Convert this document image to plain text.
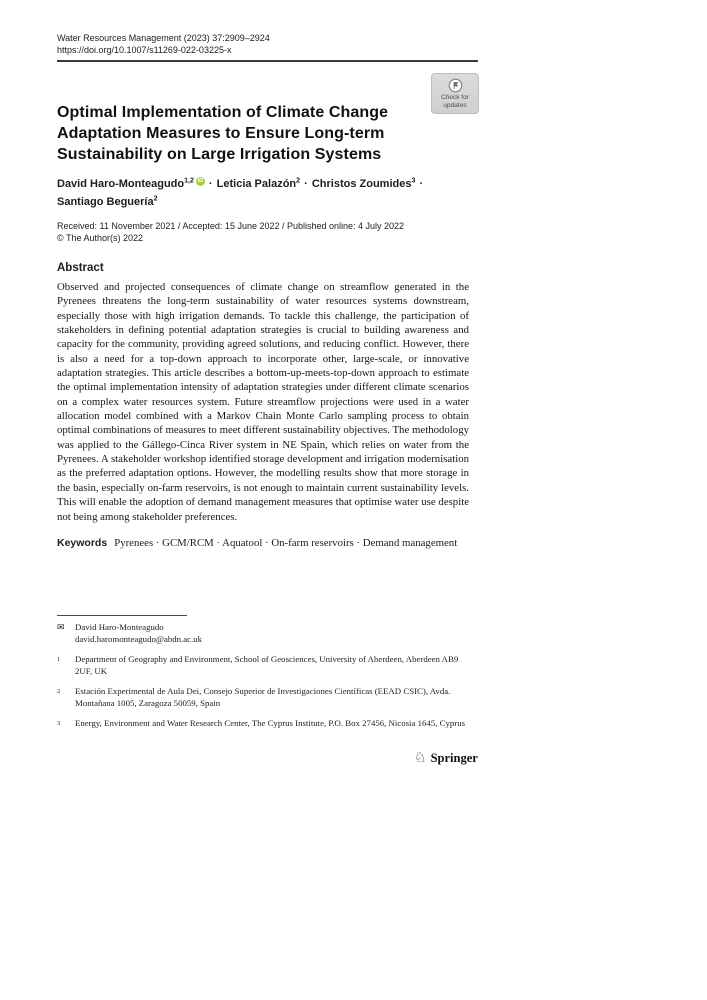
Water Resources Management (2023) 37:2909–2924
https://doi.org/10.1007/s11269-022-03225-x
Check for
updates
Optimal Implementation of Climate Change Adaptation Measures to Ensure Long-term Sustainability on Large Irrigation Systems

David Haro-Monteagudo$^{1,2}$ iD · Leticia Palazón$^2$ · Christos Zoumides$^3$ ·
Santiago Beguería$^2$

Received: 11 November 2021 / Accepted: 15 June 2022 / Published online: 4 July 2022
© The Author(s) 2022

Abstract

Observed and projected consequences of climate change on streamflow generated in the Pyrenees threatens the long-term sustainability of water resources systems downstream, especially those with high irrigation demands. To tackle this challenge, the participation of stakeholders in defining potential adaptation strategies is crucial to building awareness and capacity for the community, providing agreed solutions, and reducing conflict. However, there is also a need for a top-down approach to incorporate other, large-scale, or innovative adaptation strategies. This article describes a bottom-up-meets-top-down approach to estimate the optimal implementation intensity of adaptation strategies under different climate scenarios on a complex water resources system. Future streamflow projections were used in a water allocation model combined with a Markov Chain Monte Carlo sampling process to obtain optimal combinations of measures to meet different sustainability objectives. The methodology was applied to the Gállego-Cinca River system in NE Spain, which relies on water from the Pyrenees. A stakeholder workshop identified storage development and irrigation modernisation as the preferred adaptation options. However, the modelling results show that more storage in the basin, especially on-farm reservoirs, is not enough to maintain current sustainability levels. This will enable the adoption of demand management measures that optimise water use despite not being among stakeholder preferences.

Keywords Pyrenees · GCM/RCM · Aquatool · On-farm reservoirs · Demand management
✉	David Haro-Monteagudo
david.haromonteagudo@abdn.ac.uk
$^1$	Department of Geography and Environment, School of Geosciences, University of Aberdeen, Aberdeen AB9 2UF, UK
$^2$	Estación Experimental de Aula Dei, Consejo Superior de Investigaciones Científicas (EEAD CSIC), Avda. Montañana 1005, Zaragoza 50059, Spain
$^3$	Energy, Environment and Water Research Center, The Cyprus Institute, P.O. Box 27456, Nicosia 1645, Cyprus
♘ Springer
